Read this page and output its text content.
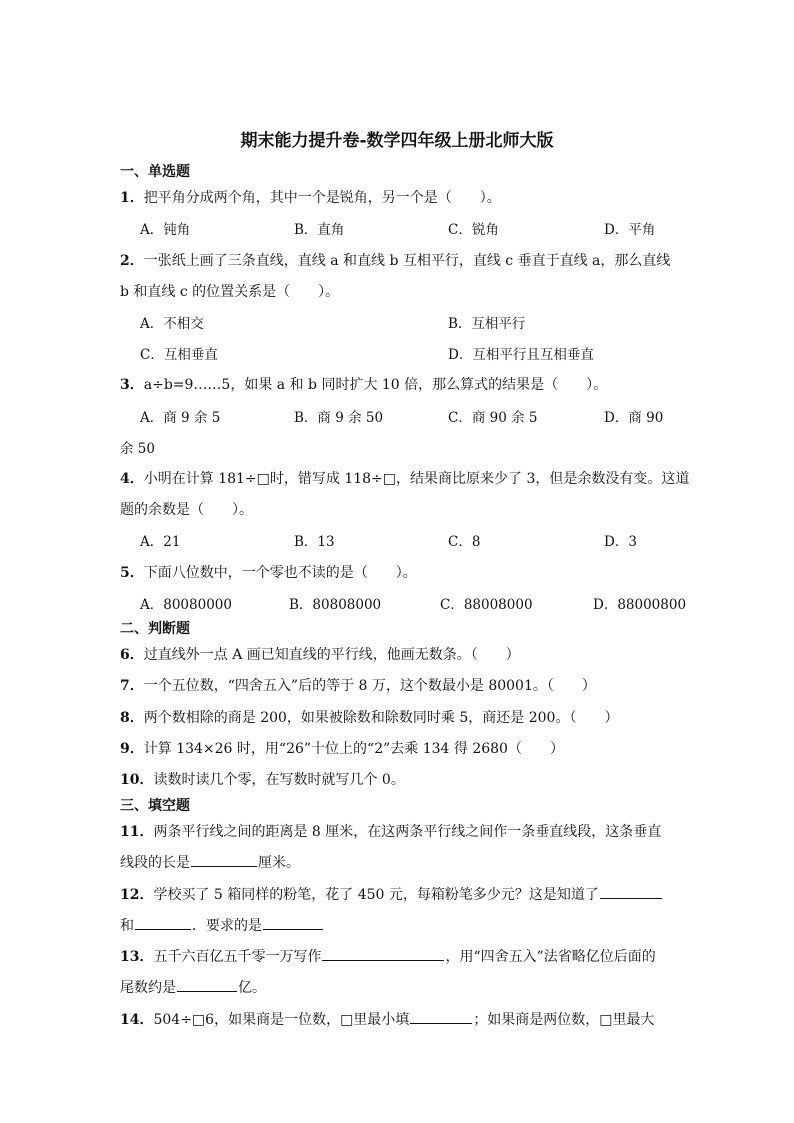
期末能力提升卷-数学四年级上册北师大版
一、单选题
1．把平角分成两个角，其中一个是锐角，另一个是（　　）。
A．钝角	B．直角	C．锐角	D．平角
2．一张纸上画了三条直线，直线 a 和直线 b 互相平行，直线 c 垂直于直线 a，那么直线
b 和直线 c 的位置关系是（　　）。
A．不相交	B．互相平行
C．互相垂直	D．互相平行且互相垂直
3．a÷b=9……5，如果 a 和 b 同时扩大 10 倍，那么算式的结果是（　　）。
A．商 9 余 5	B．商 9 余 50	C．商 90 余 5	D．商 90
余 50
4．小明在计算 181÷□时，错写成 118÷□，结果商比原来少了 3，但是余数没有变。这道
题的余数是（　　）。
A．21	B．13	C．8	D．3
5．下面八位数中，一个零也不读的是（　　）。
A．80080000	B．80808000	C．88008000	D．88000800
二、判断题
6．过直线外一点 A 画已知直线的平行线，他画无数条。（　　）
7．一个五位数，“四舍五入”后的等于 8 万，这个数最小是 80001。（　　）
8．两个数相除的商是 200，如果被除数和除数同时乘 5，商还是 200。（　　）
9．计算 134×26 时，用“26”十位上的“2”去乘 134 得 2680（　　）
10．读数时读几个零，在写数时就写几个 0。
三、填空题
11．两条平行线之间的距离是 8 厘米，在这两条平行线之间作一条垂直线段，这条垂直
线段的长是	厘米。
12．学校买了 5 箱同样的粉笔，花了 450 元，每箱粉笔多少元？这是知道了
和	．要求的是
13．五千六百亿五千零一万写作	，用“四舍五入”法省略亿位后面的
尾数约是	亿。
14．504÷□6，如果商是一位数，□里最小填	；如果商是两位数，□里最大
